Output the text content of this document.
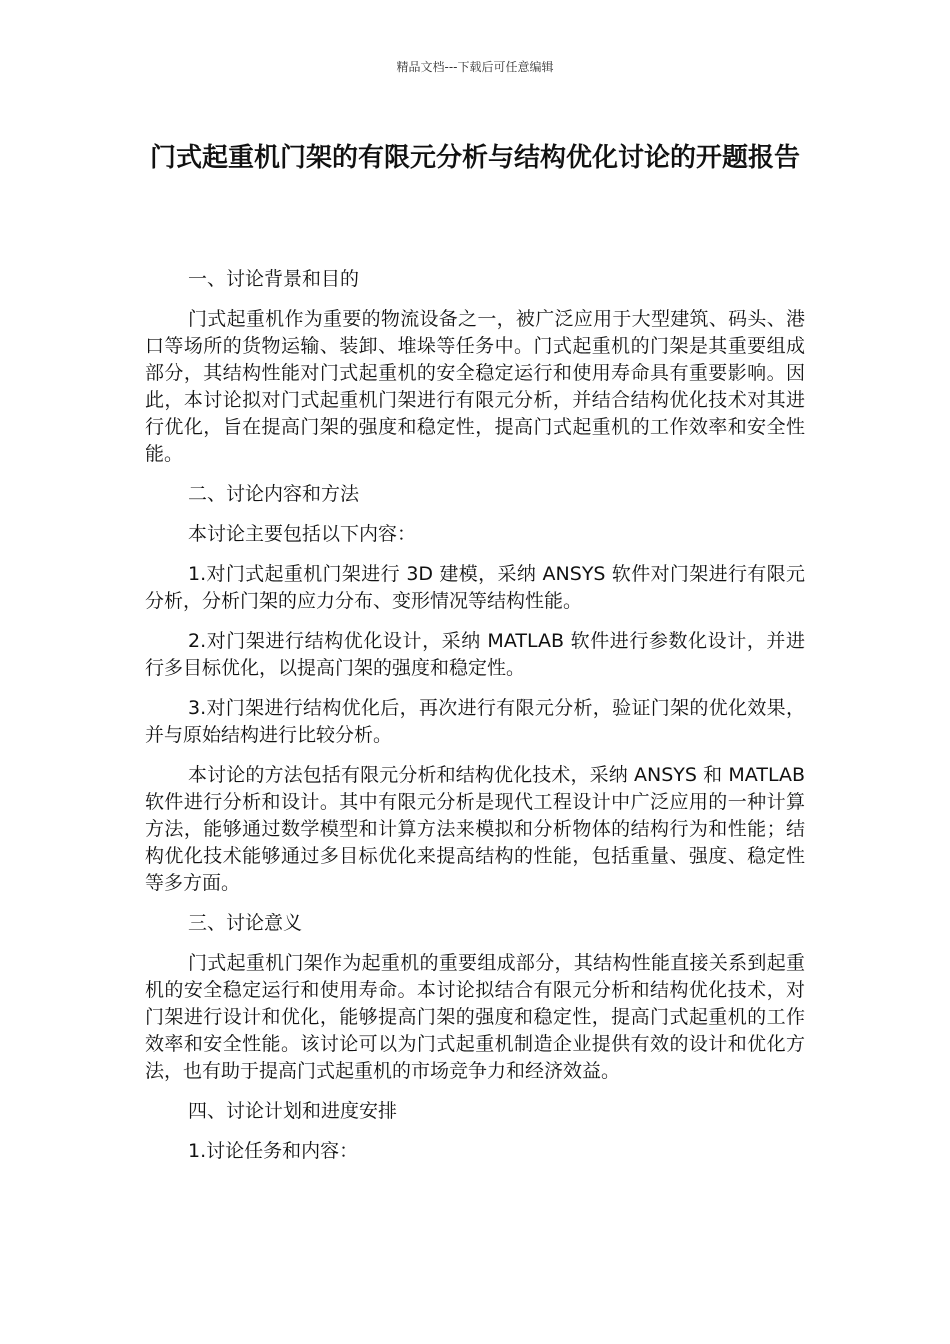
精品文档---下载后可任意编辑
门式起重机门架的有限元分析与结构优化讨论的开题报告

一、讨论背景和目的

门式起重机作为重要的物流设备之一，被广泛应用于大型建筑、码头、港口等场所的货物运输、装卸、堆垛等任务中。门式起重机的门架是其重要组成部分，其结构性能对门式起重机的安全稳定运行和使用寿命具有重要影响。因此，本讨论拟对门式起重机门架进行有限元分析，并结合结构优化技术对其进行优化，旨在提高门架的强度和稳定性，提高门式起重机的工作效率和安全性能。

二、讨论内容和方法

本讨论主要包括以下内容：

1.对门式起重机门架进行 3D 建模，采纳 ANSYS 软件对门架进行有限元分析，分析门架的应力分布、变形情况等结构性能。

2.对门架进行结构优化设计，采纳 MATLAB 软件进行参数化设计，并进行多目标优化，以提高门架的强度和稳定性。

3.对门架进行结构优化后，再次进行有限元分析，验证门架的优化效果，并与原始结构进行比较分析。

本讨论的方法包括有限元分析和结构优化技术，采纳 ANSYS 和 MATLAB 软件进行分析和设计。其中有限元分析是现代工程设计中广泛应用的一种计算方法，能够通过数学模型和计算方法来模拟和分析物体的结构行为和性能；结构优化技术能够通过多目标优化来提高结构的性能，包括重量、强度、稳定性等多方面。

三、讨论意义

门式起重机门架作为起重机的重要组成部分，其结构性能直接关系到起重机的安全稳定运行和使用寿命。本讨论拟结合有限元分析和结构优化技术，对门架进行设计和优化，能够提高门架的强度和稳定性，提高门式起重机的工作效率和安全性能。该讨论可以为门式起重机制造企业提供有效的设计和优化方法，也有助于提高门式起重机的市场竞争力和经济效益。

四、讨论计划和进度安排

1.讨论任务和内容：
